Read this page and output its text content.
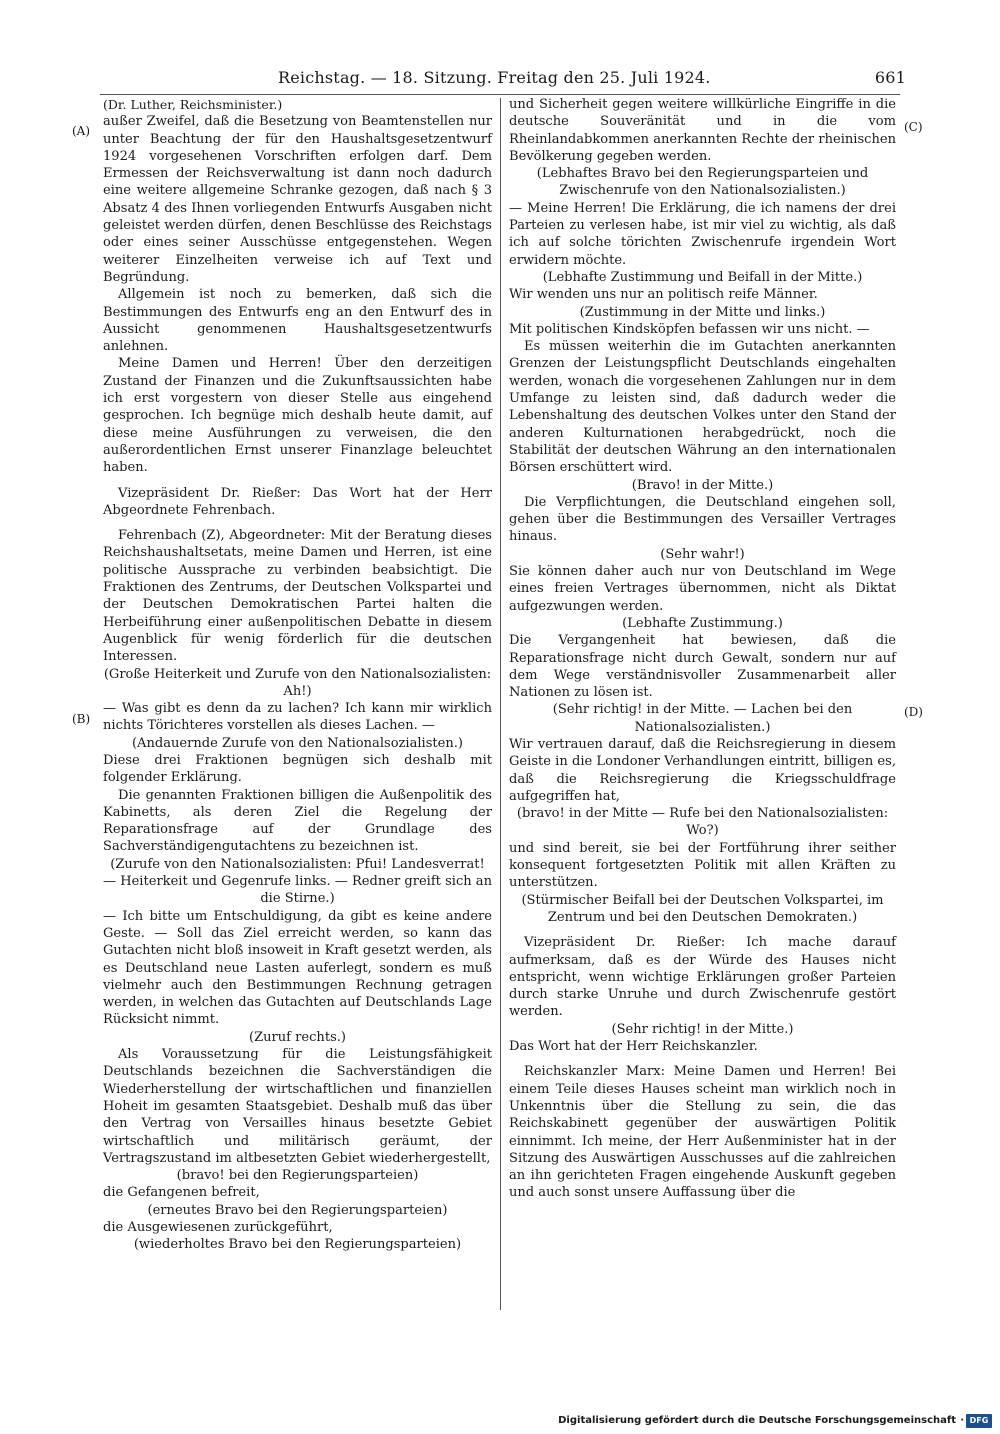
Reichstag. — 18. Sitzung. Freitag den 25. Juli 1924.	661
(A)
(B)
(C)
(D)

(Dr. Luther, Reichsminister.)

außer Zweifel, daß die Besetzung von Beamtenstellen nur unter Beachtung der für den Haushaltsgesetzentwurf 1924 vorgesehenen Vorschriften erfolgen darf. Dem Ermessen der Reichsverwaltung ist dann noch dadurch eine weitere allgemeine Schranke gezogen, daß nach § 3 Absatz 4 des Ihnen vorliegenden Entwurfs Ausgaben nicht geleistet werden dürfen, denen Beschlüsse des Reichstags oder eines seiner Ausschüsse entgegenstehen. Wegen weiterer Einzelheiten verweise ich auf Text und Begründung.

Allgemein ist noch zu bemerken, daß sich die Bestimmungen des Entwurfs eng an den Entwurf des in Aussicht genommenen Haushaltsgesetzentwurfs anlehnen.

Meine Damen und Herren! Über den derzeitigen Zustand der Finanzen und die Zukunftsaussichten habe ich erst vorgestern von dieser Stelle aus eingehend gesprochen. Ich begnüge mich deshalb heute damit, auf diese meine Ausführungen zu verweisen, die den außerordentlichen Ernst unserer Finanzlage beleuchtet haben.

Vizepräsident Dr. Rießer: Das Wort hat der Herr Abgeordnete Fehrenbach.

Fehrenbach (Z), Abgeordneter: Mit der Beratung dieses Reichshaushaltsetats, meine Damen und Herren, ist eine politische Aussprache zu verbinden beabsichtigt. Die Fraktionen des Zentrums, der Deutschen Volkspartei und der Deutschen Demokratischen Partei halten die Herbeiführung einer außenpolitischen Debatte in diesem Augenblick für wenig förderlich für die deutschen Interessen.

(Große Heiterkeit und Zurufe von den Nationalsozialisten: Ah!)

— Was gibt es denn da zu lachen? Ich kann mir wirklich nichts Törichteres vorstellen als dieses Lachen. —

(Andauernde Zurufe von den Nationalsozialisten.)

Diese drei Fraktionen begnügen sich deshalb mit folgender Erklärung.

Die genannten Fraktionen billigen die Außenpolitik des Kabinetts, als deren Ziel die Regelung der Reparationsfrage auf der Grundlage des Sachverständigengutachtens zu bezeichnen ist.

(Zurufe von den Nationalsozialisten: Pfui! Landesverrat! — Heiterkeit und Gegenrufe links. — Redner greift sich an die Stirne.)

— Ich bitte um Entschuldigung, da gibt es keine andere Geste. — Soll das Ziel erreicht werden, so kann das Gutachten nicht bloß insoweit in Kraft gesetzt werden, als es Deutschland neue Lasten auferlegt, sondern es muß vielmehr auch den Bestimmungen Rechnung getragen werden, in welchen das Gutachten auf Deutschlands Lage Rücksicht nimmt.

(Zuruf rechts.)

Als Voraussetzung für die Leistungsfähigkeit Deutschlands bezeichnen die Sachverständigen die Wiederherstellung der wirtschaftlichen und finanziellen Hoheit im gesamten Staatsgebiet. Deshalb muß das über den Vertrag von Versailles hinaus besetzte Gebiet wirtschaftlich und militärisch geräumt, der Vertragszustand im altbesetzten Gebiet wiederhergestellt,

(bravo! bei den Regierungsparteien)

die Gefangenen befreit,

(erneutes Bravo bei den Regierungsparteien)

die Ausgewiesenen zurückgeführt,

(wiederholtes Bravo bei den Regierungsparteien)

und Sicherheit gegen weitere willkürliche Eingriffe in die deutsche Souveränität und in die vom Rheinlandabkommen anerkannten Rechte der rheinischen Bevölkerung gegeben werden.

(Lebhaftes Bravo bei den Regierungsparteien und Zwischenrufe von den Nationalsozialisten.)

— Meine Herren! Die Erklärung, die ich namens der drei Parteien zu verlesen habe, ist mir viel zu wichtig, als daß ich auf solche törichten Zwischenrufe irgendein Wort erwidern möchte.

(Lebhafte Zustimmung und Beifall in der Mitte.)

Wir wenden uns nur an politisch reife Männer.

(Zustimmung in der Mitte und links.)

Mit politischen Kindsköpfen befassen wir uns nicht. —

Es müssen weiterhin die im Gutachten anerkannten Grenzen der Leistungspflicht Deutschlands eingehalten werden, wonach die vorgesehenen Zahlungen nur in dem Umfange zu leisten sind, daß dadurch weder die Lebenshaltung des deutschen Volkes unter den Stand der anderen Kulturnationen herabgedrückt, noch die Stabilität der deutschen Währung an den internationalen Börsen erschüttert wird.

(Bravo! in der Mitte.)

Die Verpflichtungen, die Deutschland eingehen soll, gehen über die Bestimmungen des Versailler Vertrages hinaus.

(Sehr wahr!)

Sie können daher auch nur von Deutschland im Wege eines freien Vertrages übernommen, nicht als Diktat aufgezwungen werden.

(Lebhafte Zustimmung.)

Die Vergangenheit hat bewiesen, daß die Reparationsfrage nicht durch Gewalt, sondern nur auf dem Wege verständnisvoller Zusammenarbeit aller Nationen zu lösen ist.

(Sehr richtig! in der Mitte. — Lachen bei den Nationalsozialisten.)

Wir vertrauen darauf, daß die Reichsregierung in diesem Geiste in die Londoner Verhandlungen eintritt, billigen es, daß die Reichsregierung die Kriegsschuldfrage aufgegriffen hat,

(bravo! in der Mitte — Rufe bei den Nationalsozialisten: Wo?)

und sind bereit, sie bei der Fortführung ihrer seither konsequent fortgesetzten Politik mit allen Kräften zu unterstützen.

(Stürmischer Beifall bei der Deutschen Volkspartei, im Zentrum und bei den Deutschen Demokraten.)

Vizepräsident Dr. Rießer: Ich mache darauf aufmerksam, daß es der Würde des Hauses nicht entspricht, wenn wichtige Erklärungen großer Parteien durch starke Unruhe und durch Zwischenrufe gestört werden.

(Sehr richtig! in der Mitte.)

Das Wort hat der Herr Reichskanzler.

Reichskanzler Marx: Meine Damen und Herren! Bei einem Teile dieses Hauses scheint man wirklich noch in Unkenntnis über die Stellung zu sein, die das Reichskabinett gegenüber der auswärtigen Politik einnimmt. Ich meine, der Herr Außenminister hat in der Sitzung des Auswärtigen Ausschusses auf die zahlreichen an ihn gerichteten Fragen eingehende Auskunft gegeben und auch sonst unsere Auffassung über die

Digitalisierung gefördert durch die Deutsche Forschungsgemeinschaft · DFG
